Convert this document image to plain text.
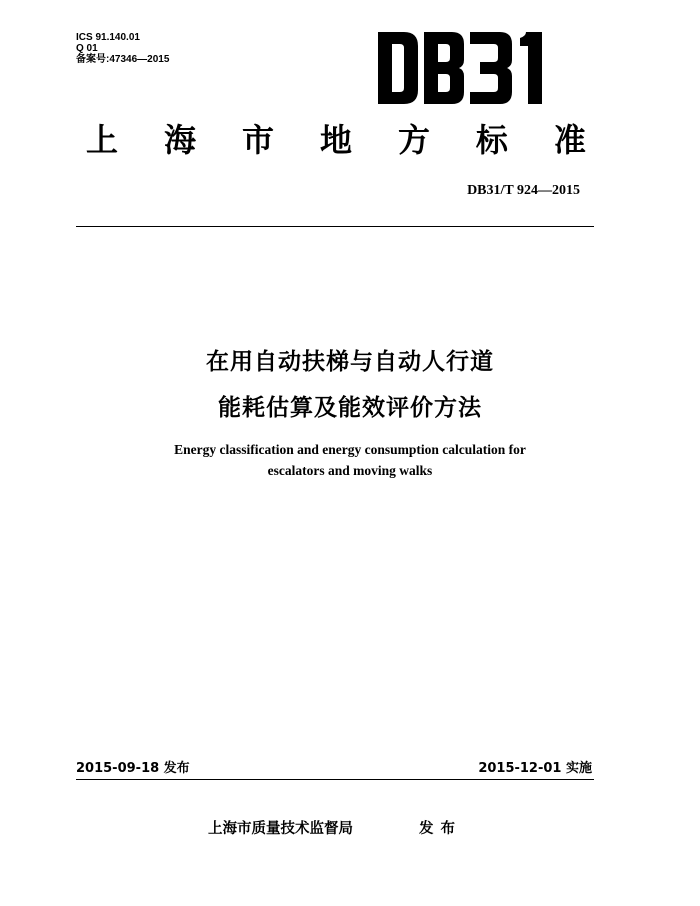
ICS 91.140.01
Q 01
备案号:47346—2015
上 海 市 地 方 标 准
DB31/T 924—2015
在用自动扶梯与自动人行道
能耗估算及能效评价方法
Energy classification and energy consumption calculation for
escalators and moving walks
2015-09-18 发布	2015-12-01 实施
上海市质量技术监督局	发布
